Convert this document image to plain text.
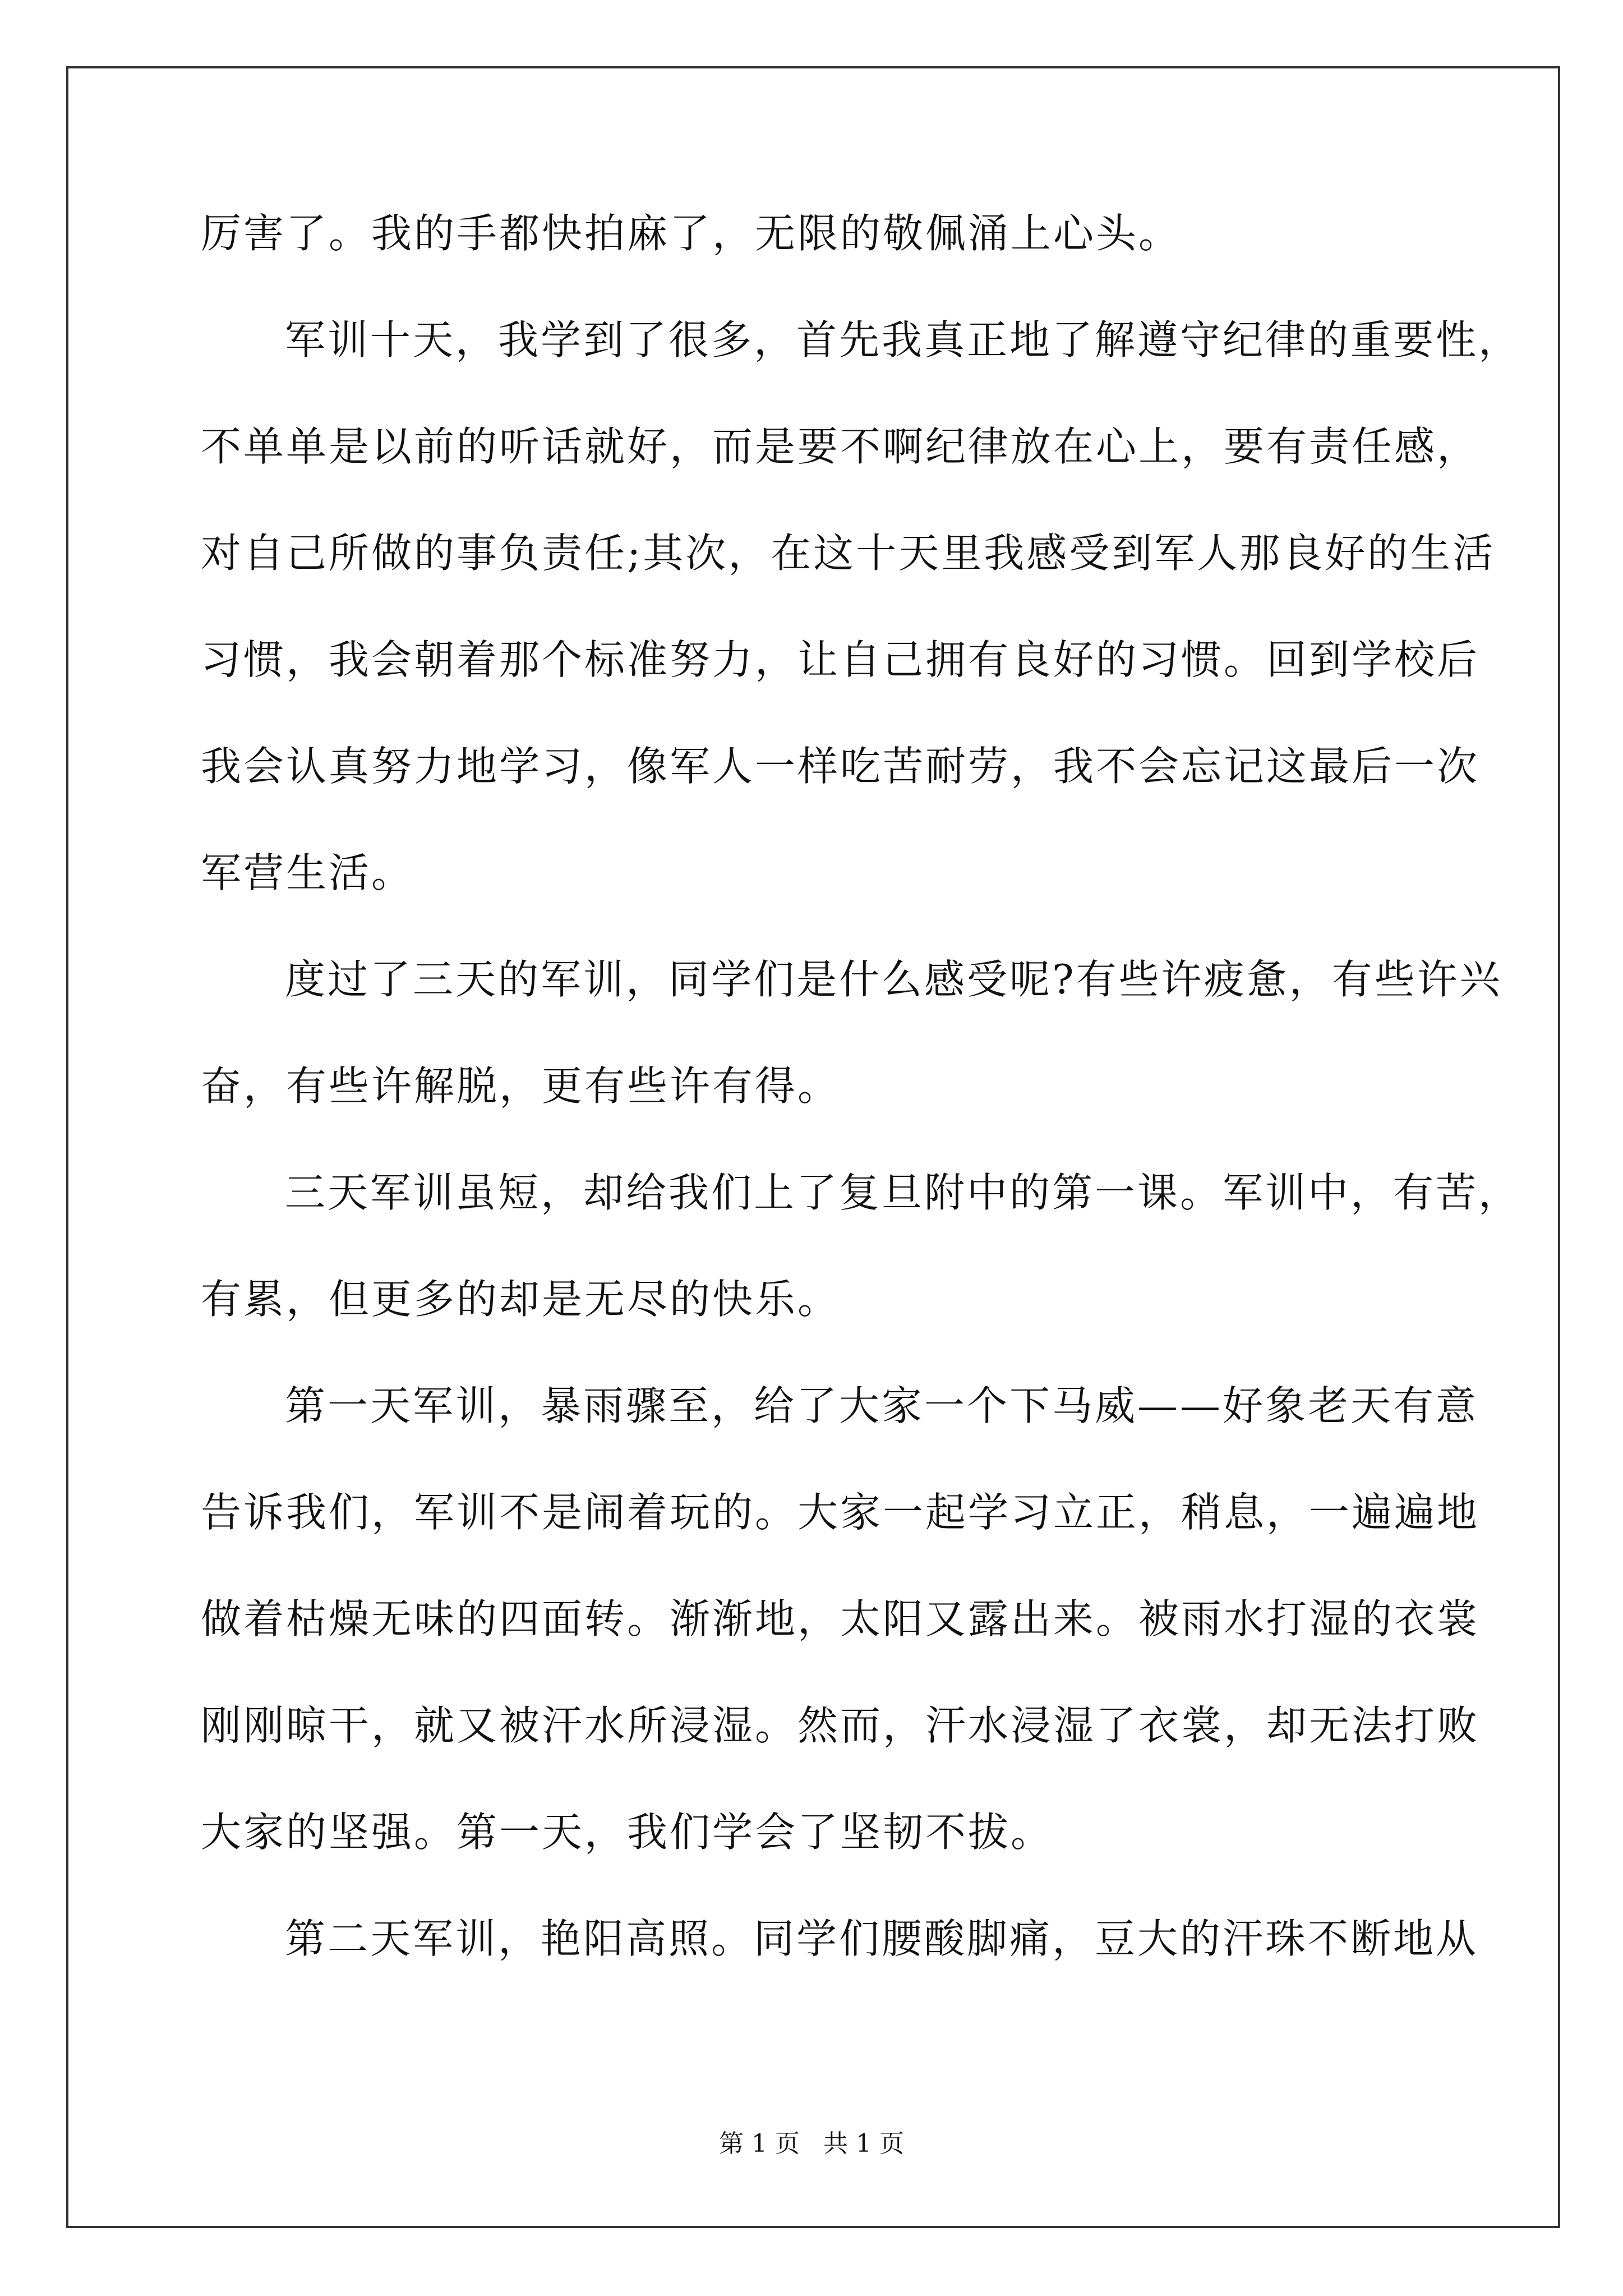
厉害了。我的手都快拍麻了，无限的敬佩涌上心头。
军训十天，我学到了很多，首先我真正地了解遵守纪律的重要性，
不单单是以前的听话就好，而是要不啊纪律放在心上，要有责任感，
对自己所做的事负责任;其次，在这十天里我感受到军人那良好的生活
习惯，我会朝着那个标准努力，让自己拥有良好的习惯。回到学校后
我会认真努力地学习，像军人一样吃苦耐劳，我不会忘记这最后一次
军营生活。
度过了三天的军训，同学们是什么感受呢?有些许疲惫，有些许兴
奋，有些许解脱，更有些许有得。
三天军训虽短，却给我们上了复旦附中的第一课。军训中，有苦，
有累，但更多的却是无尽的快乐。
第一天军训，暴雨骤至，给了大家一个下马威——好象老天有意
告诉我们，军训不是闹着玩的。大家一起学习立正，稍息，一遍遍地
做着枯燥无味的四面转。渐渐地，太阳又露出来。被雨水打湿的衣裳
刚刚晾干，就又被汗水所浸湿。然而，汗水浸湿了衣裳，却无法打败
大家的坚强。第一天，我们学会了坚韧不拔。
第二天军训，艳阳高照。同学们腰酸脚痛，豆大的汗珠不断地从
第 1 页   共 1 页
